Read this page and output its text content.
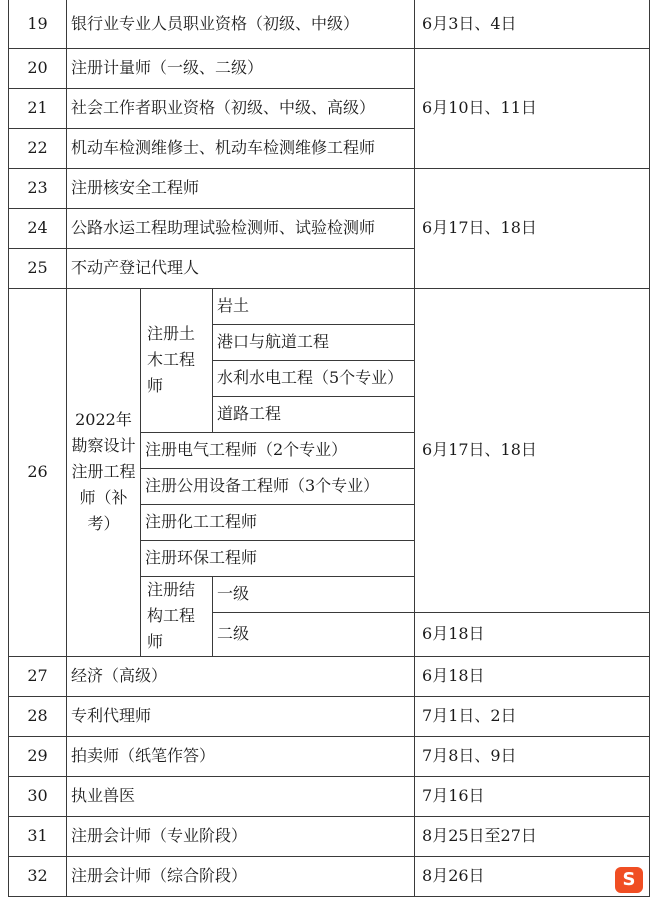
19	银行业专业人员职业资格（初级、中级）			6月3日、4日
20	注册计量师（一级、二级）			6月10日、11日
21	社会工作者职业资格（初级、中级、高级）			
22	机动车检测维修士、机动车检测维修工程师			
23	注册核安全工程师			6月17日、18日
24	公路水运工程助理试验检测师、试验检测师			
25	不动产登记代理人			
26	2022年勘察设计注册工程师（补考）	注册土木工程师	岩土	6月17日、18日
			港口与航道工程	
			水利水电工程（5个专业）	
			道路工程	
		注册电气工程师（2个专业）		
		注册公用设备工程师（3个专业）		
		注册化工工程师		
		注册环保工程师		
		注册结构工程师	一级	
			二级	6月18日
27	经济（高级）			6月18日
28	专利代理师			7月1日、2日
29	拍卖师（纸笔作答）			7月8日、9日
30	执业兽医			7月16日
31	注册会计师（专业阶段）			8月25日至27日
32	注册会计师（综合阶段）			8月26日	S
